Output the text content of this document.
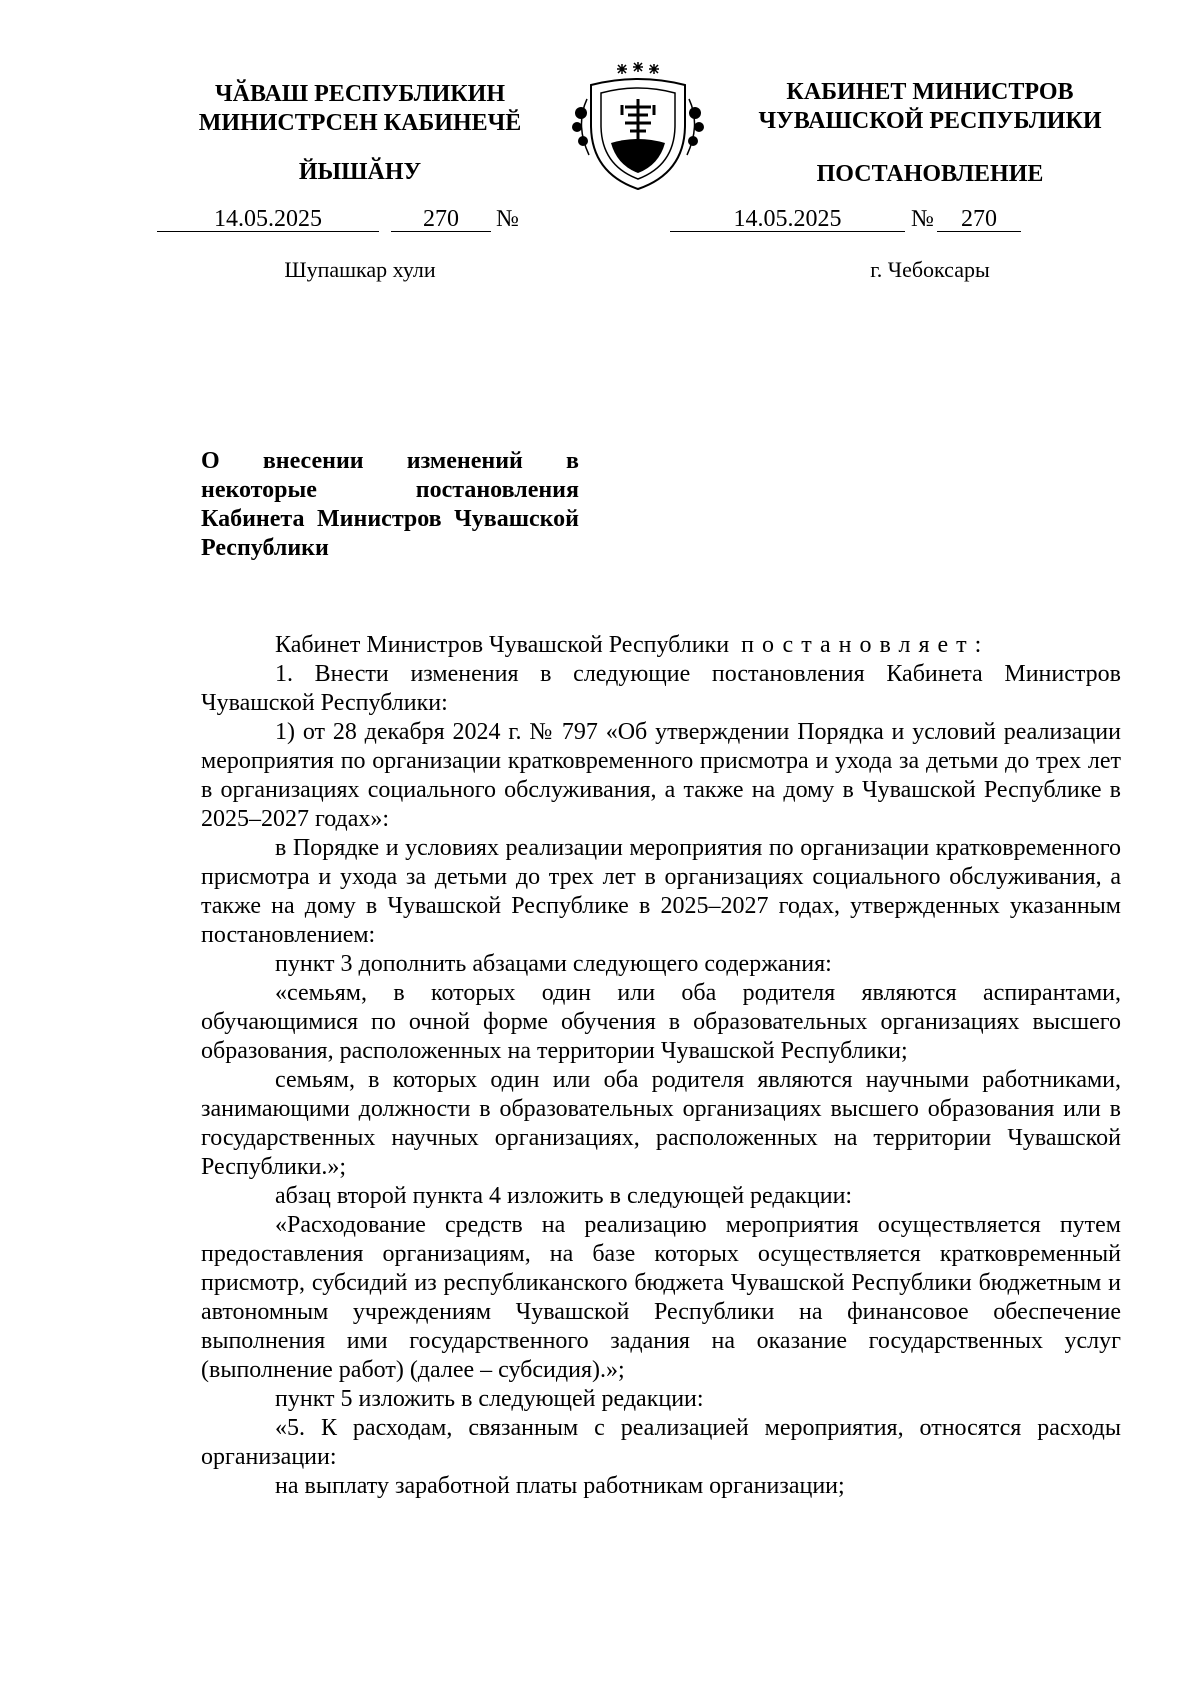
ЧӐВАШ РЕСПУБЛИКИН
МИНИСТРСЕН КАБИНЕЧӖ
ЙЫШӐНУ
КАБИНЕТ МИНИСТРОВ
ЧУВАШСКОЙ РЕСПУБЛИКИ
ПОСТАНОВЛЕНИЕ
14.05.2025	270	№	14.05.2025	№	270
Шупашкар хули	г. Чебоксары
О внесении изменений в некоторые постановления Кабинета Министров Чувашской Республики

Кабинет Министров Чувашской Республики постановляет:

1. Внести изменения в следующие постановления Кабинета Министров Чувашской Республики:

1) от 28 декабря 2024 г. № 797 «Об утверждении Порядка и условий реализации мероприятия по организации кратковременного присмотра и ухода за детьми до трех лет в организациях социального обслуживания, а также на дому в Чувашской Республике в 2025–2027 годах»:

в Порядке и условиях реализации мероприятия по организации кратковременного присмотра и ухода за детьми до трех лет в организациях социального обслуживания, а также на дому в Чувашской Республике в 2025–2027 годах, утвержденных указанным постановлением:

пункт 3 дополнить абзацами следующего содержания:

«семьям, в которых один или оба родителя являются аспирантами, обучающимися по очной форме обучения в образовательных организациях высшего образования, расположенных на территории Чувашской Республики;

семьям, в которых один или оба родителя являются научными работниками, занимающими должности в образовательных организациях высшего образования или в государственных научных организациях, расположенных на территории Чувашской Республики.»;

абзац второй пункта 4 изложить в следующей редакции:

«Расходование средств на реализацию мероприятия осуществляется путем предоставления организациям, на базе которых осуществляется кратковременный присмотр, субсидий из республиканского бюджета Чувашской Республики бюджетным и автономным учреждениям Чувашской Республики на финансовое обеспечение выполнения ими государственного задания на оказание государственных услуг (выполнение работ) (далее – субсидия).»;

пункт 5 изложить в следующей редакции:

«5. К расходам, связанным с реализацией мероприятия, относятся расходы организации:

на выплату заработной платы работникам организации;
